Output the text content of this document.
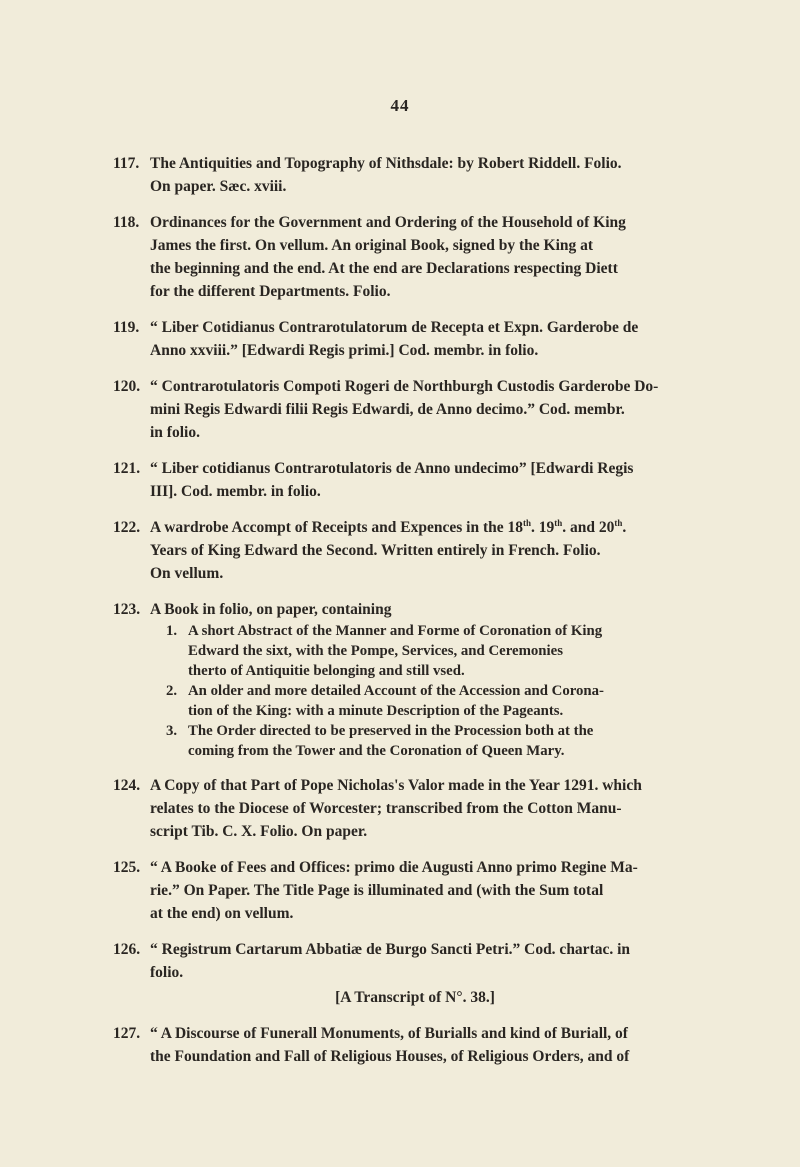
44
117. The Antiquities and Topography of Nithsdale: by Robert Riddell. Folio.
On paper. Sæc. xviii.
118. Ordinances for the Government and Ordering of the Household of King
James the first. On vellum. An original Book, signed by the King at
the beginning and the end. At the end are Declarations respecting Diett
for the different Departments. Folio.
119. “ Liber Cotidianus Contrarotulatorum de Recepta et Expn. Garderobe de
Anno xxviii.” [Edwardi Regis primi.] Cod. membr. in folio.
120. “ Contrarotulatoris Compoti Rogeri de Northburgh Custodis Garderobe Do-
mini Regis Edwardi filii Regis Edwardi, de Anno decimo.” Cod. membr.
in folio.
121. “ Liber cotidianus Contrarotulatoris de Anno undecimo” [Edwardi Regis
III]. Cod. membr. in folio.
122. A wardrobe Accompt of Receipts and Expences in the 18th. 19th. and 20th.
Years of King Edward the Second. Written entirely in French. Folio.
On vellum.
123. A Book in folio, on paper, containing
1. A short Abstract of the Manner and Forme of Coronation of King
Edward the sixt, with the Pompe, Services, and Ceremonies
therto of Antiquitie belonging and still vsed.
2. An older and more detailed Account of the Accession and Corona-
tion of the King: with a minute Description of the Pageants.
3. The Order directed to be preserved in the Procession both at the
coming from the Tower and the Coronation of Queen Mary.
124. A Copy of that Part of Pope Nicholas's Valor made in the Year 1291. which
relates to the Diocese of Worcester; transcribed from the Cotton Manu-
script Tib. C. X. Folio. On paper.
125. “ A Booke of Fees and Offices: primo die Augusti Anno primo Regine Ma-
rie.” On Paper. The Title Page is illuminated and (with the Sum total
at the end) on vellum.
126. “ Registrum Cartarum Abbatiæ de Burgo Sancti Petri.” Cod. chartac. in
folio.
[A Transcript of N°. 38.]
127. “ A Discourse of Funerall Monuments, of Burialls and kind of Buriall, of
the Foundation and Fall of Religious Houses, of Religious Orders, and of
